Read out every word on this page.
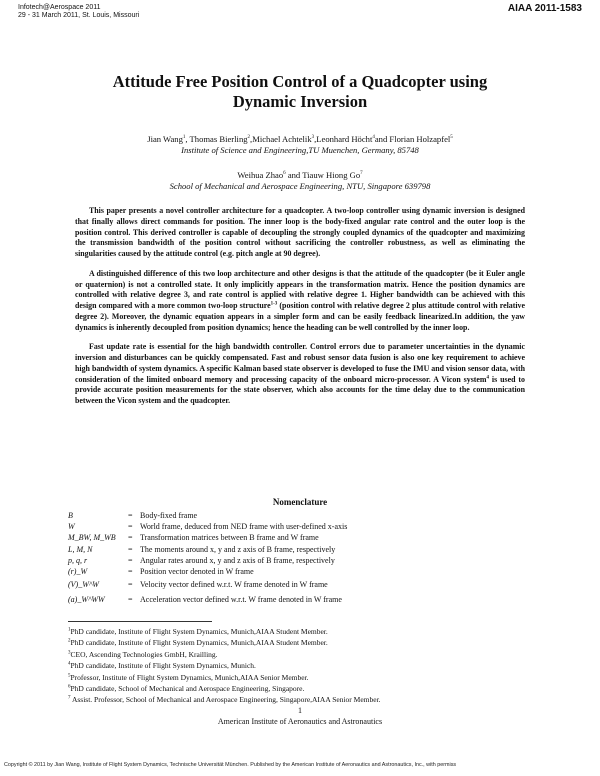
Infotech@Aerospace 2011
29 - 31 March 2011, St. Louis, Missouri
AIAA 2011-1583
Attitude Free Position Control of a Quadcopter using
Dynamic Inversion
Jian Wang$^1$, Thomas Bierling$^2$,Michael Achtelik$^3$,Leonhard Höcht$^4$and Florian Holzapfel$^5$
Institute of Science and Engineering,TU Muenchen, Germany, 85748
Weihua Zhao$^6$ and Tiauw Hiong Go$^7$
School of Mechanical and Aerospace Engineering, NTU, Singapore 639798

This paper presents a novel controller architecture for a quadcopter. A two-loop controller using dynamic inversion is designed that finally allows direct commands for position. The inner loop is the body-fixed angular rate control and the outer loop is the position control. This derived controller is capable of decoupling the strongly coupled dynamics of the quadcopter and maximizing the transmission bandwidth of the position control without sacrificing the controller robustness, as well as eliminating the singularities caused by the attitude control (e.g. pitch angle at 90 degree).

A distinguished difference of this two loop architecture and other designs is that the attitude of the quadcopter (be it Euler angle or quaternion) is not a controlled state. It only implicitly appears in the transformation matrix. Hence the position dynamics are controlled with relative degree 3, and rate control is applied with relative degree 1. Higher bandwidth can be achieved with this design compared with a more common two-loop structure$^{1-3}$ (position control with relative degree 2 plus attitude control with relative degree 2). Moreover, the dynamic equation appears in a simpler form and can be easily feedback linearized.In addition, the yaw dynamics is inherently decoupled from position dynamics; hence the heading can be well controlled by the inner loop.

Fast update rate is essential for the high bandwidth controller. Control errors due to parameter uncertainties in the dynamic inversion and disturbances can be quickly compensated. Fast and robust sensor data fusion is also one key requirement to achieve high bandwidth of system dynamics. A specific Kalman based state observer is developed to fuse the IMU and vision sensor data, with consideration of the limited onboard memory and processing capacity of the onboard micro-processor. A Vicon system$^4$ is used to provide accurate position measurements for the state observer, which also accounts for the time delay due to the communication between the Vicon system and the quadcopter.

Nomenclature
B	= Body-fixed frame
W	= World frame, deduced from NED frame with user-defined x-axis
M_BW, M_WB = Transformation matrices between B frame and W frame
L, M, N	= The moments around x, y and z axis of B frame, respectively
p, q, r	= Angular rates around x, y and z axis of B frame, respectively
(r)_W	= Position vector denoted in W frame
(V)_W^W	= Velocity vector defined w.r.t. W frame denoted in W frame
(a)_W^WW	= Acceleration vector defined w.r.t. W frame denoted in W frame
$^1$PhD candidate, Institute of Flight System Dynamics, Munich,AIAA Student Member.
$^2$PhD candidate, Institute of Flight System Dynamics, Munich,AIAA Student Member.
$^3$CEO, Ascending Technologies GmbH, Krailling.
$^4$PhD candidate, Institute of Flight System Dynamics, Munich.
$^5$Professor, Institute of Flight System Dynamics, Munich,AIAA Senior Member.
$^6$PhD candidate, School of Mechanical and Aerospace Engineering, Singapore.
$^7$ Assist. Professor, School of Mechanical and Aerospace Engineering, Singapore,AIAA Senior Member.
1
American Institute of Aeronautics and Astronautics
Copyright © 2011 by Jian Wang, Institute of Flight System Dynamics, Technische Universität München. Published by the American Institute of Aeronautics and Astronautics, Inc., with permiss
